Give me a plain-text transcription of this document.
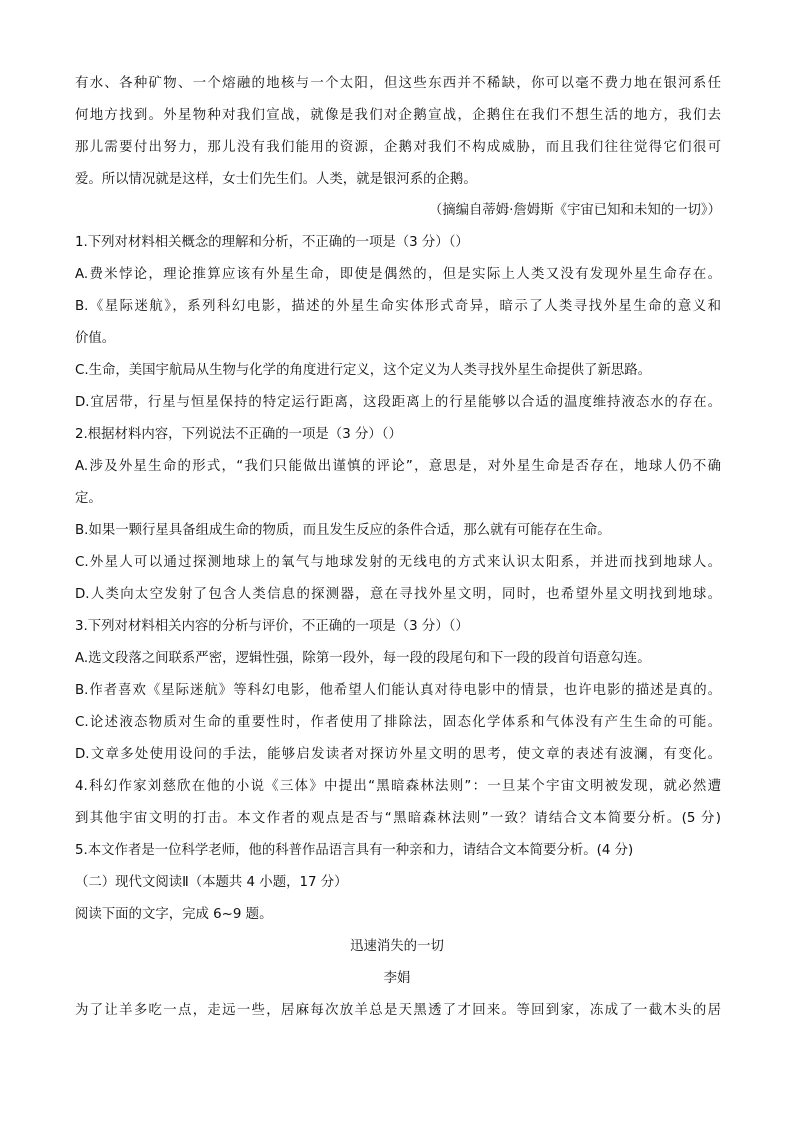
有水、各种矿物、一个熔融的地核与一个太阳，但这些东西并不稀缺，你可以毫不费力地在银河系任
何地方找到。外星物种对我们宣战，就像是我们对企鹅宣战，企鹅住在我们不想生活的地方，我们去
那儿需要付出努力，那儿没有我们能用的资源，企鹅对我们不构成威胁，而且我们往往觉得它们很可
爱。所以情况就是这样，女士们先生们。人类，就是银河系的企鹅。
（摘编自蒂姆·詹姆斯《宇宙已知和未知的一切》）
1.下列对材料相关概念的理解和分析，不正确的一项是（3 分）（）
A.费米悖论，理论推算应该有外星生命，即使是偶然的，但是实际上人类又没有发现外星生命存在。
B.《星际迷航》，系列科幻电影，描述的外星生命实体形式奇异，暗示了人类寻找外星生命的意义和
价值。
C.生命，美国宇航局从生物与化学的角度进行定义，这个定义为人类寻找外星生命提供了新思路。
D.宜居带，行星与恒星保持的特定运行距离，这段距离上的行星能够以合适的温度维持液态水的存在。
2.根据材料内容，下列说法不正确的一项是（3 分）（）
A.涉及外星生命的形式，“我们只能做出谨慎的评论”，意思是，对外星生命是否存在，地球人仍不确
定。
B.如果一颗行星具备组成生命的物质，而且发生反应的条件合适，那么就有可能存在生命。
C.外星人可以通过探测地球上的氧气与地球发射的无线电的方式来认识太阳系，并进而找到地球人。
D.人类向太空发射了包含人类信息的探测器，意在寻找外星文明，同时，也希望外星文明找到地球。
3.下列对材料相关内容的分析与评价，不正确的一项是（3 分）（）
A.选文段落之间联系严密，逻辑性强，除第一段外，每一段的段尾句和下一段的段首句语意勾连。
B.作者喜欢《星际迷航》等科幻电影，他希望人们能认真对待电影中的情景，也许电影的描述是真的。
C.论述液态物质对生命的重要性时，作者使用了排除法，固态化学体系和气体没有产生生命的可能。
D.文章多处使用设问的手法，能够启发读者对探访外星文明的思考，使文章的表述有波澜，有变化。
4.科幻作家刘慈欣在他的小说《三体》中提出“黑暗森林法则”：一旦某个宇宙文明被发现，就必然遭
到其他宇宙文明的打击。本文作者的观点是否与“黑暗森林法则”一致？请结合文本简要分析。(5 分)
5.本文作者是一位科学老师，他的科普作品语言具有一种亲和力，请结合文本简要分析。(4 分)
（二）现代文阅读Ⅱ（本题共 4 小题，17 分）
阅读下面的文字，完成 6~9 题。
迅速消失的一切
李娟
为了让羊多吃一点，走远一些，居麻每次放羊总是天黑透了才回来。等回到家，冻成了一截木头的居
